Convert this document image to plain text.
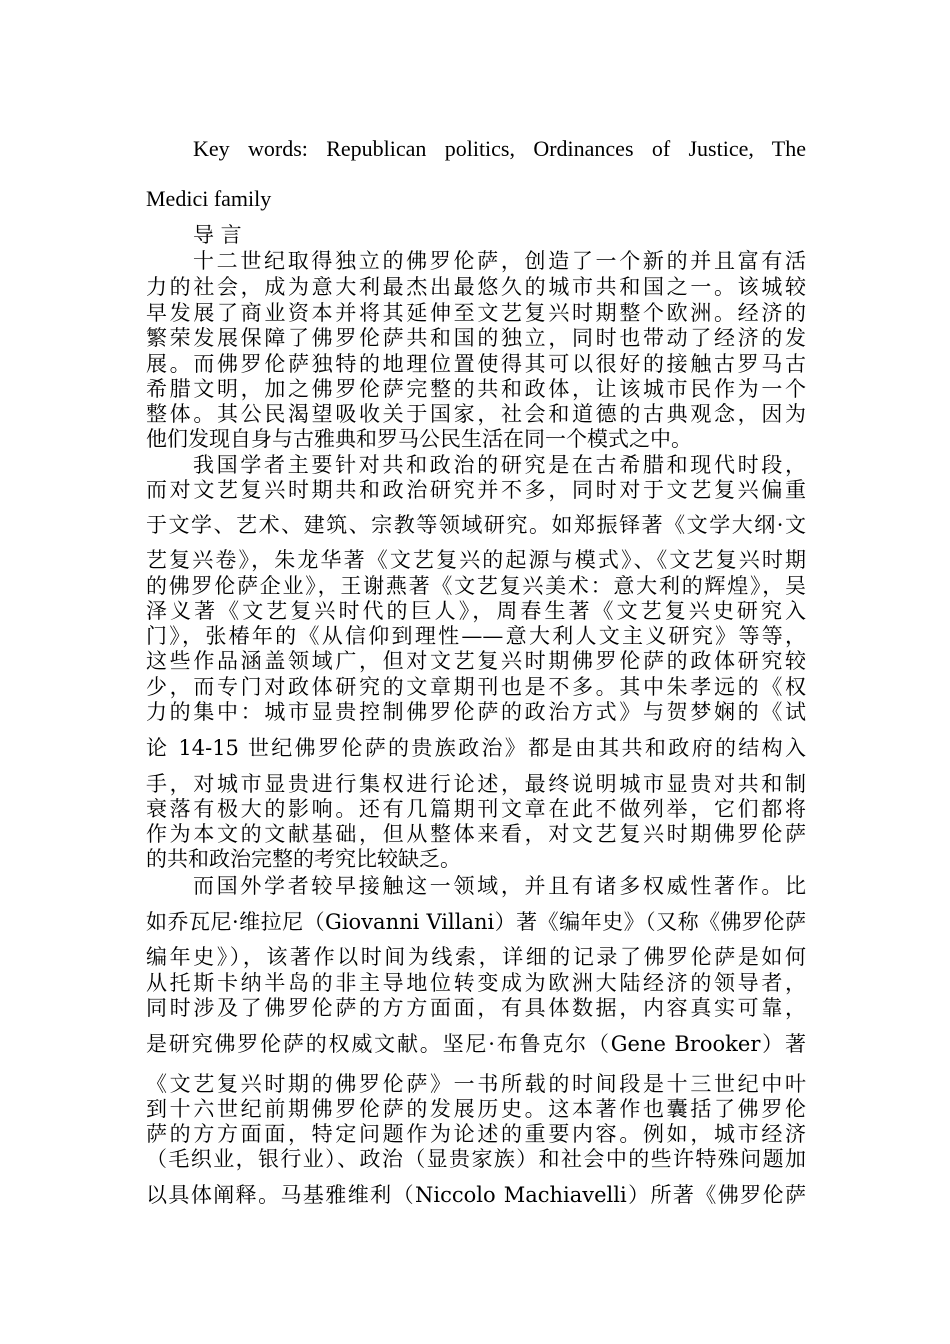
Key words: Republican politics, Ordinances of Justice, The
Medici family
导 言
十二世纪取得独立的佛罗伦萨，创造了一个新的并且富有活
力的社会，成为意大利最杰出最悠久的城市共和国之一。该城较
早发展了商业资本并将其延伸至文艺复兴时期整个欧洲。经济的
繁荣发展保障了佛罗伦萨共和国的独立，同时也带动了经济的发
展。而佛罗伦萨独特的地理位置使得其可以很好的接触古罗马古
希腊文明，加之佛罗伦萨完整的共和政体，让该城市民作为一个
整体。其公民渴望吸收关于国家，社会和道德的古典观念，因为
他们发现自身与古雅典和罗马公民生活在同一个模式之中。
我国学者主要针对共和政治的研究是在古希腊和现代时段，
而对文艺复兴时期共和政治研究并不多，同时对于文艺复兴偏重
于文学、艺术、建筑、宗教等领域研究。如郑振铎著《文学大纲·文
艺复兴卷》，朱龙华著《文艺复兴的起源与模式》、《文艺复兴时期
的佛罗伦萨企业》，王谢燕著《文艺复兴美术：意大利的辉煌》，吴
泽义著《文艺复兴时代的巨人》，周春生著《文艺复兴史研究入
门》，张椿年的《从信仰到理性——意大利人文主义研究》等等，
这些作品涵盖领域广，但对文艺复兴时期佛罗伦萨的政体研究较
少，而专门对政体研究的文章期刊也是不多。其中朱孝远的《权
力的集中：城市显贵控制佛罗伦萨的政治方式》与贺梦娴的《试
论 14-15 世纪佛罗伦萨的贵族政治》都是由其共和政府的结构入
手，对城市显贵进行集权进行论述，最终说明城市显贵对共和制
衰落有极大的影响。还有几篇期刊文章在此不做列举，它们都将
作为本文的文献基础，但从整体来看，对文艺复兴时期佛罗伦萨
的共和政治完整的考究比较缺乏。
而国外学者较早接触这一领域，并且有诸多权威性著作。比
如乔瓦尼·维拉尼（Giovanni Villani）著《编年史》（又称《佛罗伦萨
编年史》），该著作以时间为线索，详细的记录了佛罗伦萨是如何
从托斯卡纳半岛的非主导地位转变成为欧洲大陆经济的领导者，
同时涉及了佛罗伦萨的方方面面，有具体数据，内容真实可靠，
是研究佛罗伦萨的权威文献。坚尼·布鲁克尔（Gene Brooker）著
《文艺复兴时期的佛罗伦萨》一书所载的时间段是十三世纪中叶
到十六世纪前期佛罗伦萨的发展历史。这本著作也囊括了佛罗伦
萨的方方面面，特定问题作为论述的重要内容。例如，城市经济
（毛织业，银行业）、政治（显贵家族）和社会中的些许特殊问题加
以具体阐释。马基雅维利（Niccolo Machiavelli）所著《佛罗伦萨
